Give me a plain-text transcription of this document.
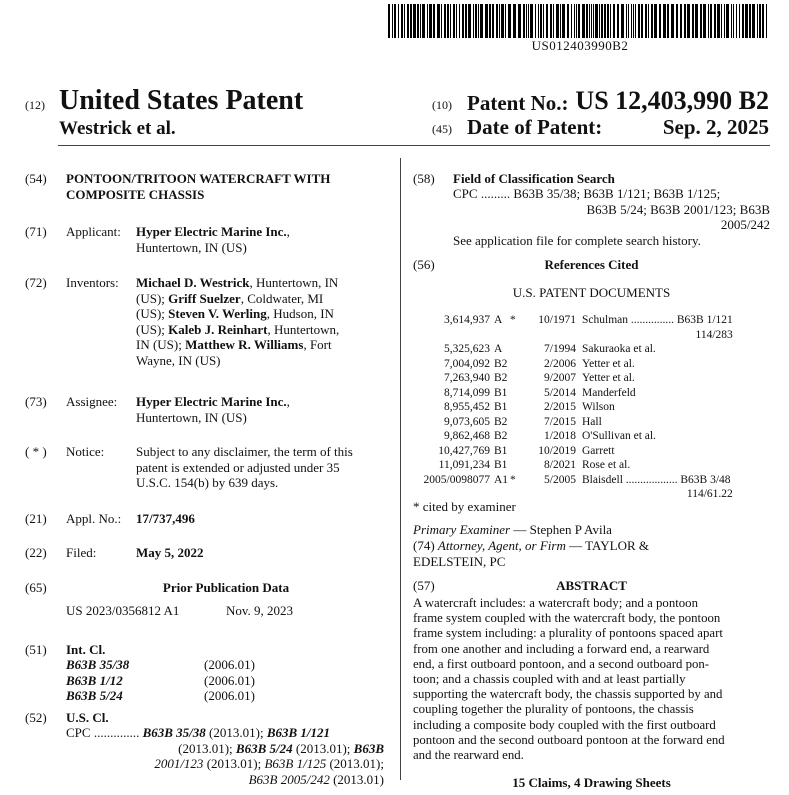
US012403990B2
(12) United States Patent
Westrick et al.
(10) Patent No.: US 12,403,990 B2
(45) Date of Patent:	Sep. 2, 2025
(54) PONTOON/TRITOON WATERCRAFT WITH
COMPOSITE CHASSIS
(71) Applicant: Hyper Electric Marine Inc.,
Huntertown, IN (US)
(72) Inventors: Michael D. Westrick, Huntertown, IN
(US); Griff Suelzer, Coldwater, MI
(US); Steven V. Werling, Hudson, IN
(US); Kaleb J. Reinhart, Huntertown,
IN (US); Matthew R. Williams, Fort
Wayne, IN (US)
(73) Assignee: Hyper Electric Marine Inc.,
Huntertown, IN (US)
( * ) Notice: Subject to any disclaimer, the term of this
patent is extended or adjusted under 35
U.S.C. 154(b) by 639 days.
(21) Appl. No.: 17/737,496
(22) Filed:	May 5, 2022
(65)	Prior Publication Data
US 2023/0356812 A1	Nov. 9, 2023
(51) Int. Cl.
B63B 35/38	(2006.01)
B63B 1/12	(2006.01)
B63B 5/24	(2006.01)
(52) U.S. Cl.
CPC .............. B63B 35/38 (2013.01); B63B 1/121
(2013.01); B63B 5/24 (2013.01); B63B
2001/123 (2013.01); B63B 1/125 (2013.01);
B63B 2005/242 (2013.01)
(58) Field of Classification Search
CPC ......... B63B 35/38; B63B 1/121; B63B 1/125;
B63B 5/24; B63B 2001/123; B63B
2005/242
See application file for complete search history.
(56)	References Cited
U.S. PATENT DOCUMENTS
3,614,937	A	*	10/1971	Schulman ............... B63B 1/121
114/283				
5,325,623	A		7/1994	Sakuraoka et al.
7,004,092	B2		2/2006	Yetter et al.
7,263,940	B2		9/2007	Yetter et al.
8,714,099	B1		5/2014	Manderfeld
8,955,452	B1		2/2015	Wilson
9,073,605	B2		7/2015	Hall
9,862,468	B2		1/2018	O'Sullivan et al.
10,427,769	B1		10/2019	Garrett
11,091,234	B1		8/2021	Rose et al.
2005/0098077	A1	*	5/2005	Blaisdell .................. B63B 3/48
114/61.22				
* cited by examiner
Primary Examiner — Stephen P Avila
(74) Attorney, Agent, or Firm — TAYLOR &
EDELSTEIN, PC
(57)	ABSTRACT
A watercraft includes: a watercraft body; and a pontoon
frame system coupled with the watercraft body, the pontoon
frame system including: a plurality of pontoons spaced apart
from one another and including a forward end, a rearward
end, a first outboard pontoon, and a second outboard pon-
toon; and a chassis coupled with and at least partially
supporting the watercraft body, the chassis supported by and
coupling together the plurality of pontoons, the chassis
including a composite body coupled with the first outboard
pontoon and the second outboard pontoon at the forward end
and the rearward end.
15 Claims, 4 Drawing Sheets
